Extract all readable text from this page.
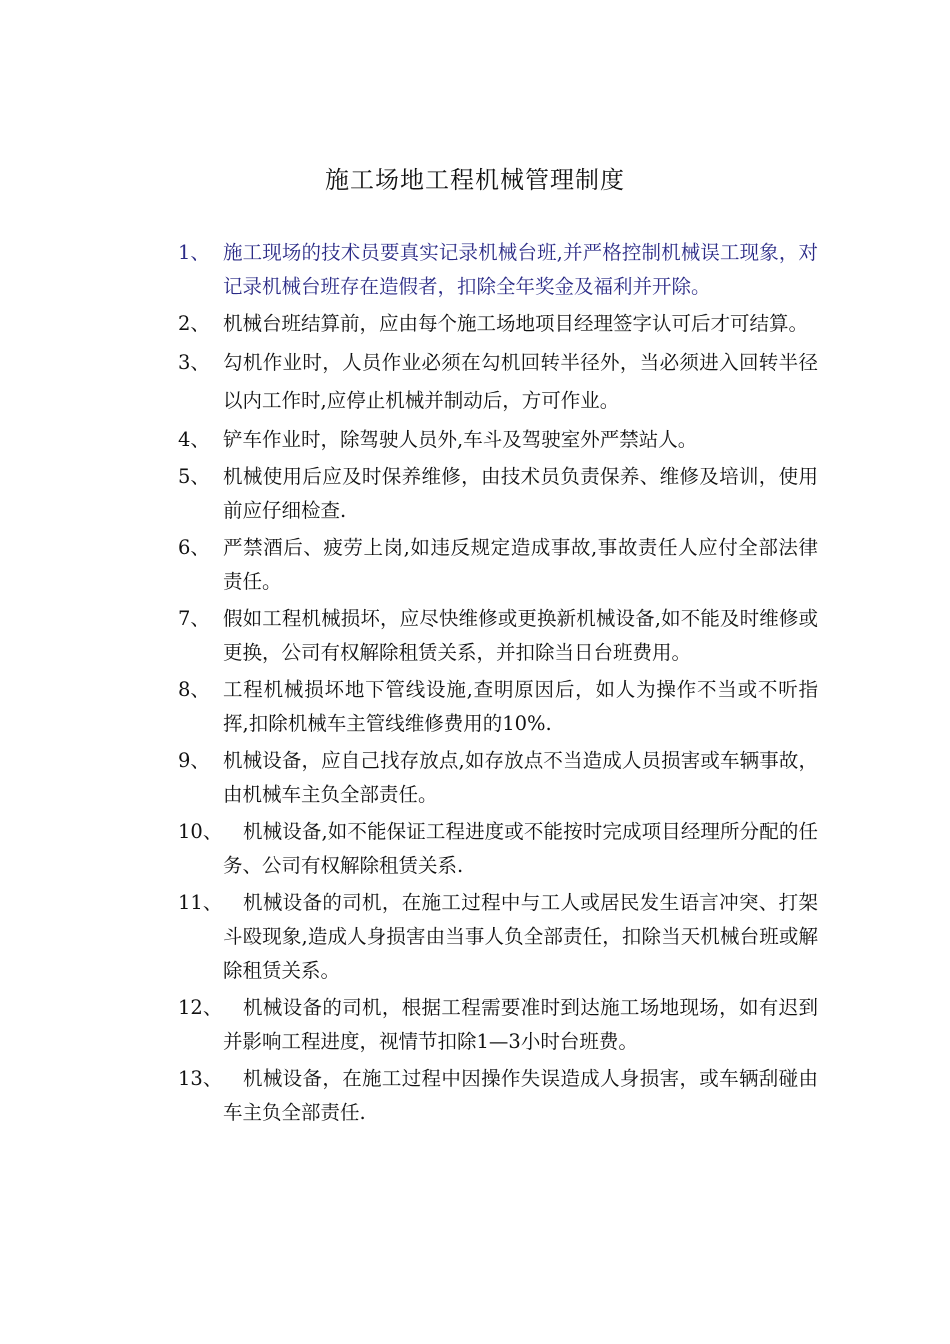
施工场地工程机械管理制度
1、 施工现场的技术员要真实记录机械台班,并严格控制机械误工现象，对记录机械台班存在造假者，扣除全年奖金及福利并开除。
2、 机械台班结算前，应由每个施工场地项目经理签字认可后才可结算。
3、 勾机作业时，人员作业必须在勾机回转半径外，当必须进入回转半径以内工作时,应停止机械并制动后，方可作业。
4、 铲车作业时，除驾驶人员外,车斗及驾驶室外严禁站人。
5、 机械使用后应及时保养维修，由技术员负责保养、维修及培训，使用前应仔细检查.
6、 严禁酒后、疲劳上岗,如违反规定造成事故,事故责任人应付全部法律责任。
7、 假如工程机械损坏，应尽快维修或更换新机械设备,如不能及时维修或更换，公司有权解除租赁关系，并扣除当日台班费用。
8、 工程机械损坏地下管线设施,查明原因后，如人为操作不当或不听指挥,扣除机械车主管线维修费用的10%.
9、 机械设备，应自己找存放点,如存放点不当造成人员损害或车辆事故，由机械车主负全部责任。
10、	机械设备,如不能保证工程进度或不能按时完成项目经理所分配的任务、公司有权解除租赁关系.
11、	机械设备的司机，在施工过程中与工人或居民发生语言冲突、打架斗殴现象,造成人身损害由当事人负全部责任，扣除当天机械台班或解除租赁关系。
12、	机械设备的司机，根据工程需要准时到达施工场地现场，如有迟到并影响工程进度，视情节扣除1—3小时台班费。
13、	机械设备，在施工过程中因操作失误造成人身损害，或车辆刮碰由车主负全部责任.
